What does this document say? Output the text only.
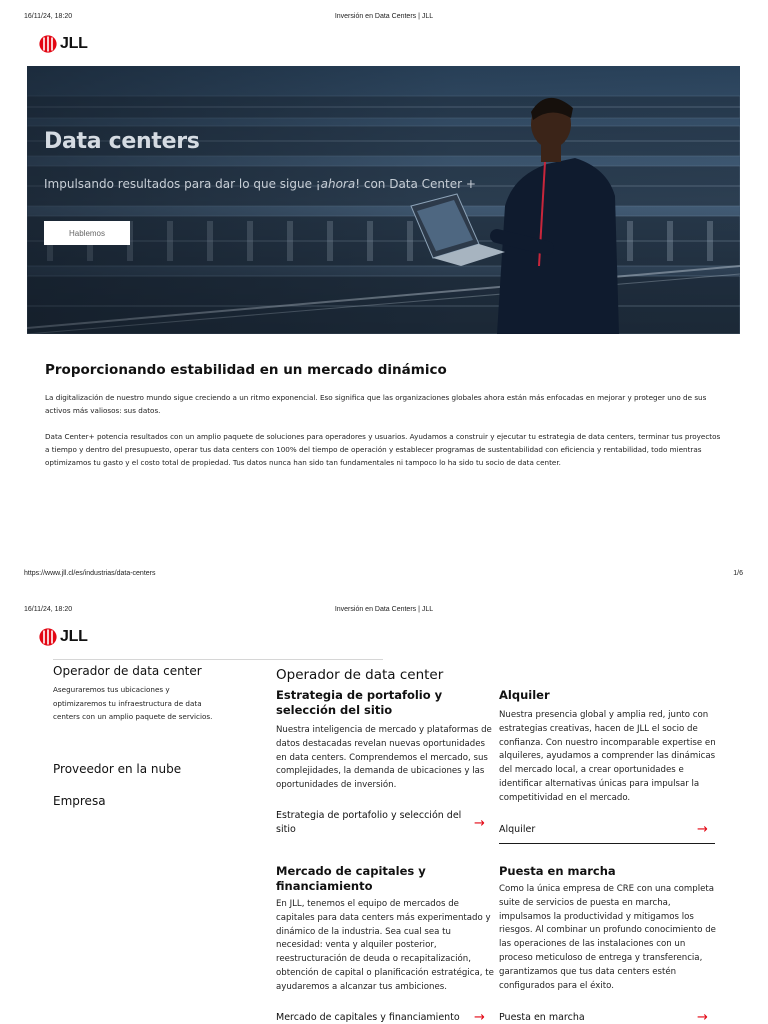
16/11/24, 18:20	Inversión en Data Centers | JLL
JLL
Data centers
Impulsando resultados para dar lo que sigue ¡ahora! con Data Center +
Hablemos
Proporcionando estabilidad en un mercado dinámico

La digitalización de nuestro mundo sigue creciendo a un ritmo exponencial. Eso significa que las organizaciones globales ahora están más enfocadas en mejorar y proteger uno de sus activos más valiosos: sus datos.

Data Center+ potencia resultados con un amplio paquete de soluciones para operadores y usuarios. Ayudamos a construir y ejecutar tu estrategia de data centers, terminar tus proyectos a tiempo y dentro del presupuesto, operar tus data centers con 100% del tiempo de operación y establecer programas de sustentabilidad con eficiencia y rentabilidad, todo mientras optimizamos tu gasto y el costo total de propiedad. Tus datos nunca han sido tan fundamentales ni tampoco lo ha sido tu socio de data center.

https://www.jll.cl/es/industrias/data-centers	1/6
16/11/24, 18:20	Inversión en Data Centers | JLL
JLL
Operador de data center

Aseguraremos tus ubicaciones y optimizaremos tu infraestructura de data centers con un amplio paquete de servicios.

Proveedor en la nube
Empresa
Operador de data center
Estrategia de portafolio y selección del sitio

Nuestra inteligencia de mercado y plataformas de datos destacadas revelan nuevas oportunidades en data centers. Comprendemos el mercado, sus complejidades, la demanda de ubicaciones y las oportunidades de inversión.

Estrategia de portafolio y selección del sitio	→
Alquiler

Nuestra presencia global y amplia red, junto con estrategias creativas, hacen de JLL el socio de confianza. Con nuestro incomparable expertise en alquileres, ayudamos a comprender las dinámicas del mercado local, a crear oportunidades e identificar alternativas únicas para impulsar la competitividad en el mercado.

Alquiler	→
Mercado de capitales y financiamiento

En JLL, tenemos el equipo de mercados de capitales para data centers más experimentado y dinámico de la industria. Sea cual sea tu necesidad: venta y alquiler posterior, reestructuración de deuda o recapitalización, obtención de capital o planificación estratégica, te ayudaremos a alcanzar tus ambiciones.

Mercado de capitales y financiamiento	→
Puesta en marcha

Como la única empresa de CRE con una completa suite de servicios de puesta en marcha, impulsamos la productividad y mitigamos los riesgos. Al combinar un profundo conocimiento de las operaciones de las instalaciones con un proceso meticuloso de entrega y transferencia, garantizamos que tus data centers estén configurados para el éxito.

Puesta en marcha	→
